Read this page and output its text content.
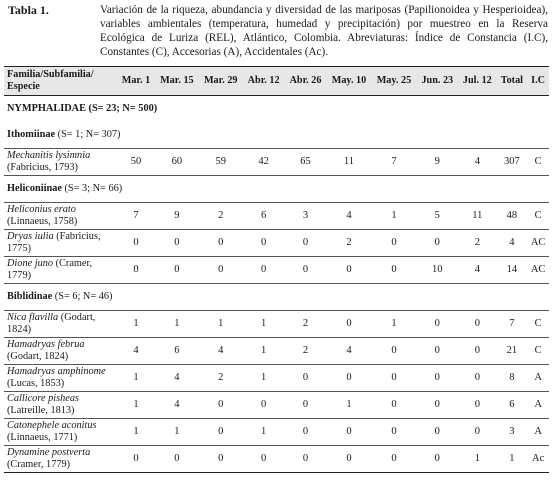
Tabla 1.	Variación de la riqueza, abundancia y diversidad de las mariposas (Papilionoidea y Hesperioidea), variables ambientales (temperatura, humedad y precipitación) por muestreo en la Reserva Ecológica de Luriza (REL), Atlántico, Colombia. Abreviaturas: Índice de Constancia (I.C), Constantes (C), Accesorias (A), Accidentales (Ac).
Familia/Subfamilia/ Especie	Mar. 1	Mar. 15	Mar. 29	Abr. 12	Abr. 26	May. 10	May. 25	Jun. 23	Jul. 12	Total	I.C
NYMPHALIDAE (S= 23; N= 500)											
Ithomiinae (S= 1; N= 307)											
Mechanitis lysimnia (Fabricius, 1793)	50	60	59	42	65	11	7	9	4	307	C
Heliconiinae (S= 3; N= 66)											
Heliconius erato (Linnaeus, 1758)	7	9	2	6	3	4	1	5	11	48	C
Dryas iulia (Fabricius, 1775)	0	0	0	0	0	2	0	0	2	4	AC
Dione juno (Cramer, 1779)	0	0	0	0	0	0	0	10	4	14	AC
Biblidinae (S= 6; N= 46)											
Nica flavilla (Godart, 1824)	1	1	1	1	2	0	1	0	0	7	C
Hamadryas februa (Godart, 1824)	4	6	4	1	2	4	0	0	0	21	C
Hamadryas amphinome (Lucas, 1853)	1	4	2	1	0	0	0	0	0	8	A
Callicore pisheas (Latreille, 1813)	1	4	0	0	0	1	0	0	0	6	A
Catonephele aconitus (Linnaeus, 1771)	1	1	0	1	0	0	0	0	0	3	A
Dynamine postverta (Cramer, 1779)	0	0	0	0	0	0	0	0	1	1	Ac
